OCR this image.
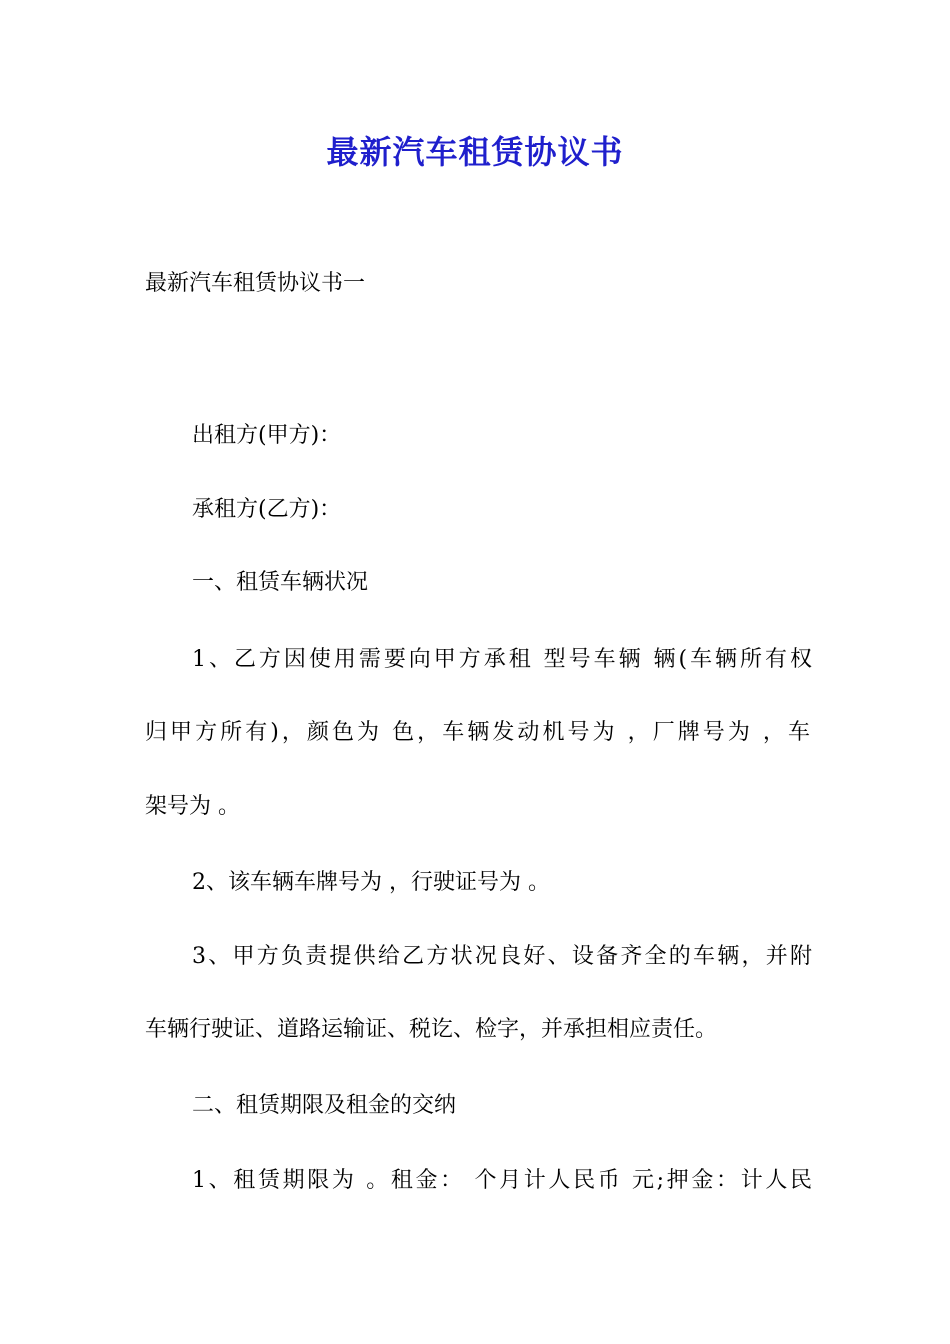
最新汽车租赁协议书
最新汽车租赁协议书一
出租方(甲方)：
承租方(乙方)：
一、租赁车辆状况
1、乙方因使用需要向甲方承租 型号车辆 辆(车辆所有权
归甲方所有)，颜色为 色，车辆发动机号为 ，厂牌号为 ，车
架号为 。
2、该车辆车牌号为 ，行驶证号为 。
3、甲方负责提供给乙方状况良好、设备齐全的车辆，并附
车辆行驶证、道路运输证、税讫、检字，并承担相应责任。
二、租赁期限及租金的交纳
1、租赁期限为 。租金： 个月计人民币 元;押金：计人民
